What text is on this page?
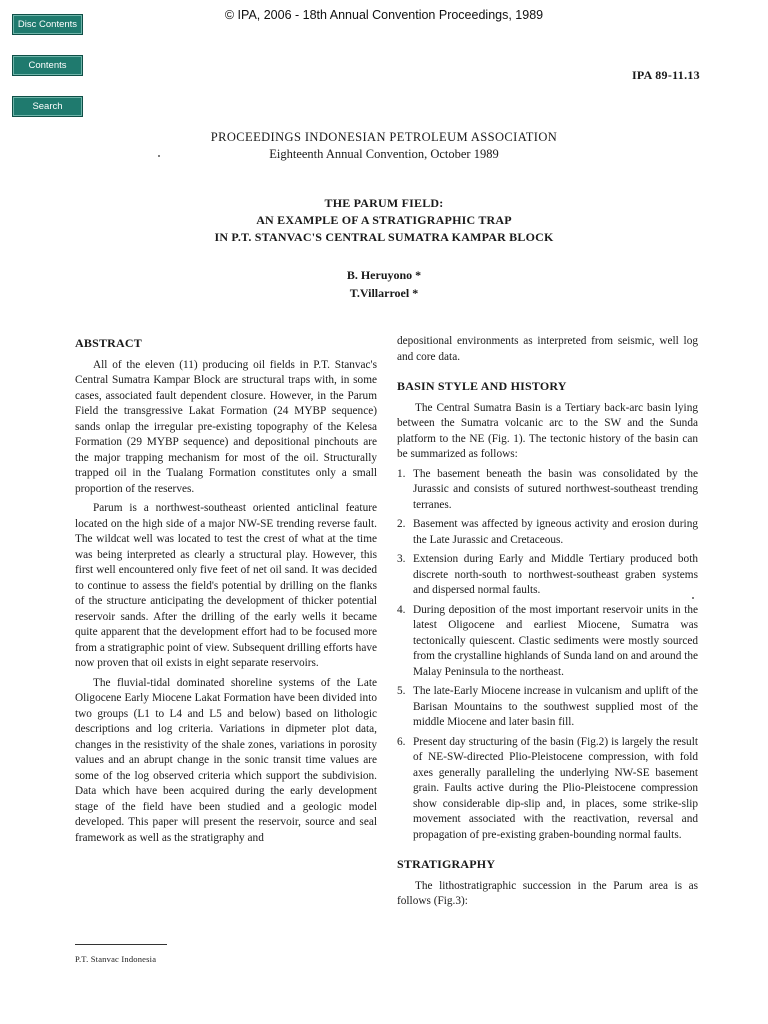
© IPA, 2006 - 18th Annual Convention Proceedings, 1989
Disc Contents
Contents
Search
IPA 89-11.13
PROCEEDINGS INDONESIAN PETROLEUM ASSOCIATION
Eighteenth Annual Convention, October 1989
THE PARUM FIELD:
AN EXAMPLE OF A STRATIGRAPHIC TRAP
IN P.T. STANVAC'S CENTRAL SUMATRA KAMPAR BLOCK
B. Heruyono *
T.Villarroel *
ABSTRACT

All of the eleven (11) producing oil fields in P.T. Stanvac's Central Sumatra Kampar Block are structural traps with, in some cases, associated fault dependent closure. However, in the Parum Field the transgressive Lakat Formation (24 MYBP sequence) sands onlap the irregular pre-existing topography of the Kelesa Formation (29 MYBP sequence) and depositional pinchouts are the major trapping mechanism for most of the oil. Structurally trapped oil in the Tualang Formation constitutes only a small proportion of the reserves.

Parum is a northwest-southeast oriented anticlinal feature located on the high side of a major NW-SE trending reverse fault. The wildcat well was located to test the crest of what at the time was being interpreted as clearly a structural play. However, this first well encountered only five feet of net oil sand. It was decided to continue to assess the field's potential by drilling on the flanks of the structure anticipating the development of thicker potential reservoir sands. After the drilling of the early wells it became quite apparent that the development effort had to be focused more from a stratigraphic point of view. Subsequent drilling efforts have now proven that oil exists in eight separate reservoirs.

The fluvial-tidal dominated shoreline systems of the Late Oligocene Early Miocene Lakat Formation have been divided into two groups (L1 to L4 and L5 and below) based on lithologic descriptions and log criteria. Variations in dipmeter plot data, changes in the resistivity of the shale zones, variations in porosity values and an abrupt change in the sonic transit time values are some of the log observed criteria which support the subdivision. Data which have been acquired during the early development stage of the field have been studied and a geologic model developed. This paper will present the reservoir, source and seal framework as well as the stratigraphy and

depositional environments as interpreted from seismic, well log and core data.

BASIN STYLE AND HISTORY

The Central Sumatra Basin is a Tertiary back-arc basin lying between the Sumatra volcanic arc to the SW and the Sunda platform to the NE (Fig. 1). The tectonic history of the basin can be summarized as follows:

1. The basement beneath the basin was consolidated by the Jurassic and consists of sutured northwest-southeast trending terranes.
2. Basement was affected by igneous activity and erosion during the Late Jurassic and Cretaceous.
3. Extension during Early and Middle Tertiary produced both discrete north-south to northwest-southeast graben systems and dispersed normal faults.
4. During deposition of the most important reservoir units in the latest Oligocene and earliest Miocene, Sumatra was tectonically quiescent. Clastic sediments were mostly sourced from the crystalline highlands of Sunda land on and around the Malay Peninsula to the northeast.
5. The late-Early Miocene increase in vulcanism and uplift of the Barisan Mountains to the southwest supplied most of the middle Miocene and later basin fill.
6. Present day structuring of the basin (Fig.2) is largely the result of NE-SW-directed Plio-Pleistocene compression, with fold axes generally paralleling the underlying NW-SE basement grain. Faults active during the Plio-Pleistocene compression show considerable dip-slip and, in places, some strike-slip movement associated with the reactivation, reversal and propagation of pre-existing graben-bounding normal faults.
STRATIGRAPHY

The lithostratigraphic succession in the Parum area is as follows (Fig.3):

P.T. Stanvac Indonesia
